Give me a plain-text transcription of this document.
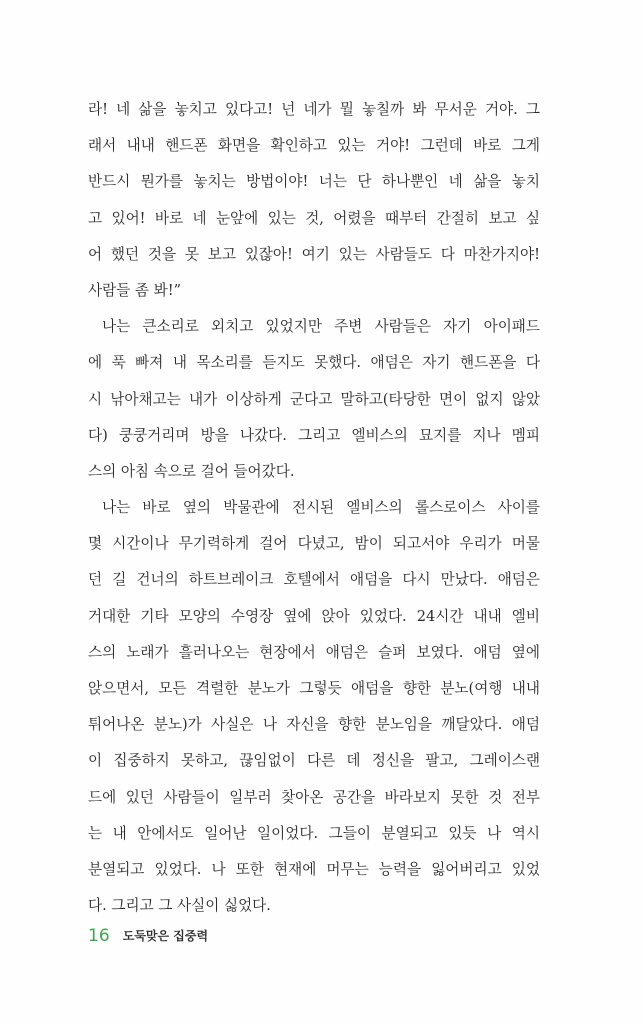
라! 네 삶을 놓치고 있다고! 넌 네가 뭘 놓칠까 봐 무서운 거야. 그
래서 내내 핸드폰 화면을 확인하고 있는 거야! 그런데 바로 그게
반드시 뭔가를 놓치는 방법이야! 너는 단 하나뿐인 네 삶을 놓치
고 있어! 바로 네 눈앞에 있는 것, 어렸을 때부터 간절히 보고 싶
어 했던 것을 못 보고 있잖아! 여기 있는 사람들도 다 마찬가지야!
사람들 좀 봐!”
나는 큰소리로 외치고 있었지만 주변 사람들은 자기 아이패드
에 푹 빠져 내 목소리를 듣지도 못했다. 애덤은 자기 핸드폰을 다
시 낚아채고는 내가 이상하게 군다고 말하고(타당한 면이 없지 않았
다) 쿵쿵거리며 방을 나갔다. 그리고 엘비스의 묘지를 지나 멤피
스의 아침 속으로 걸어 들어갔다.
나는 바로 옆의 박물관에 전시된 엘비스의 롤스로이스 사이를
몇 시간이나 무기력하게 걸어 다녔고, 밤이 되고서야 우리가 머물
던 길 건너의 하트브레이크 호텔에서 애덤을 다시 만났다. 애덤은
거대한 기타 모양의 수영장 옆에 앉아 있었다. 24시간 내내 엘비
스의 노래가 흘러나오는 현장에서 애덤은 슬퍼 보였다. 애덤 옆에
앉으면서, 모든 격렬한 분노가 그렇듯 애덤을 향한 분노(여행 내내
튀어나온 분노)가 사실은 나 자신을 향한 분노임을 깨달았다. 애덤
이 집중하지 못하고, 끊임없이 다른 데 정신을 팔고, 그레이스랜
드에 있던 사람들이 일부러 찾아온 공간을 바라보지 못한 것 전부
는 내 안에서도 일어난 일이었다. 그들이 분열되고 있듯 나 역시
분열되고 있었다. 나 또한 현재에 머무는 능력을 잃어버리고 있었
다. 그리고 그 사실이 싫었다.
16 도둑맞은 집중력
